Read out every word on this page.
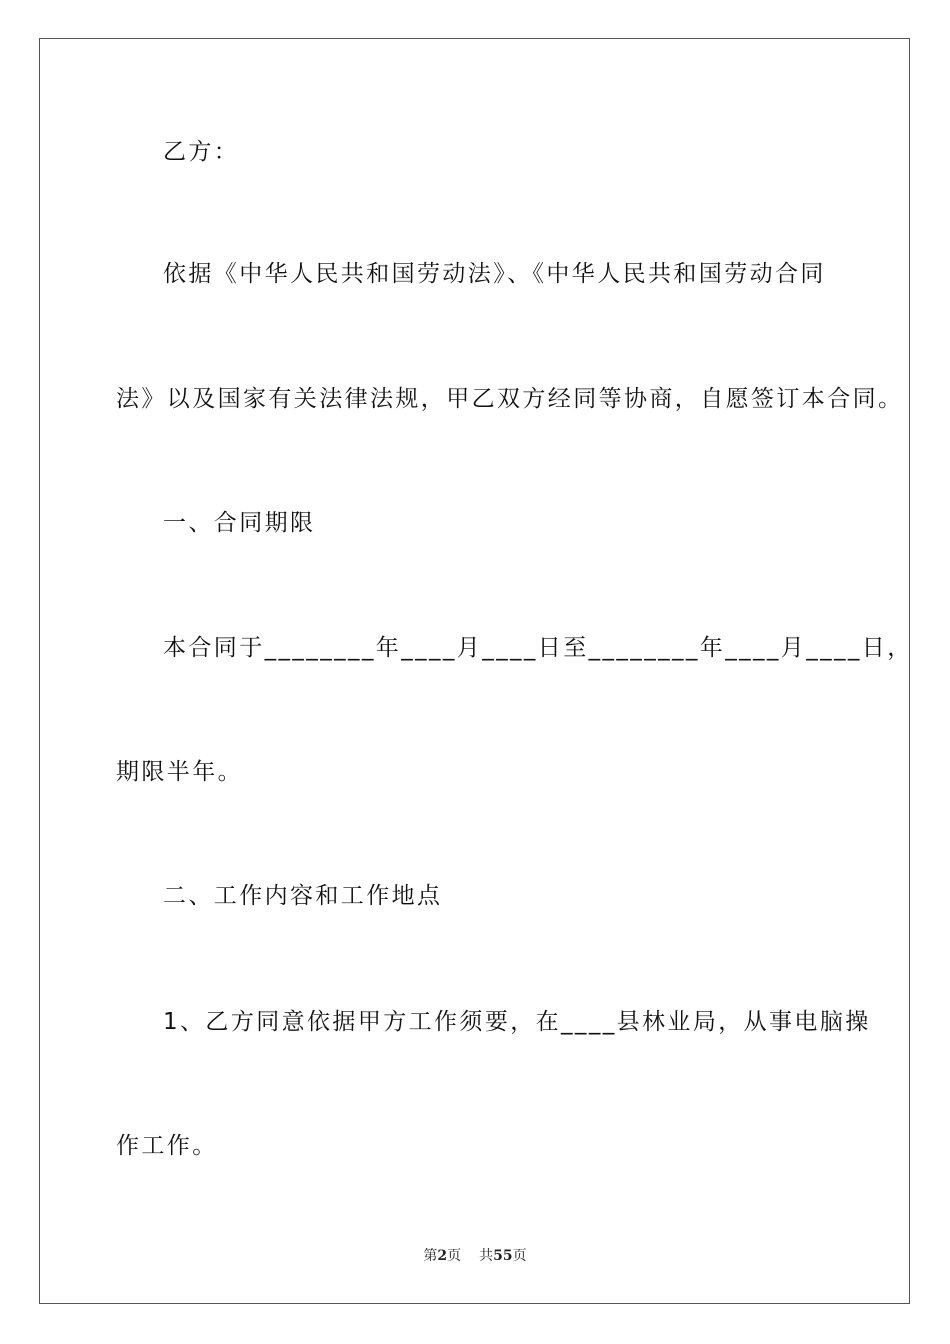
乙方：
依据《中华人民共和国劳动法》、《中华人民共和国劳动合同
法》以及国家有关法律法规，甲乙双方经同等协商，自愿签订本合同。
一、合同期限
本合同于________年____月____日至________年____月____日，
期限半年。
二、工作内容和工作地点
1、乙方同意依据甲方工作须要，在____县林业局，从事电脑操
作工作。
第2页 共55页
